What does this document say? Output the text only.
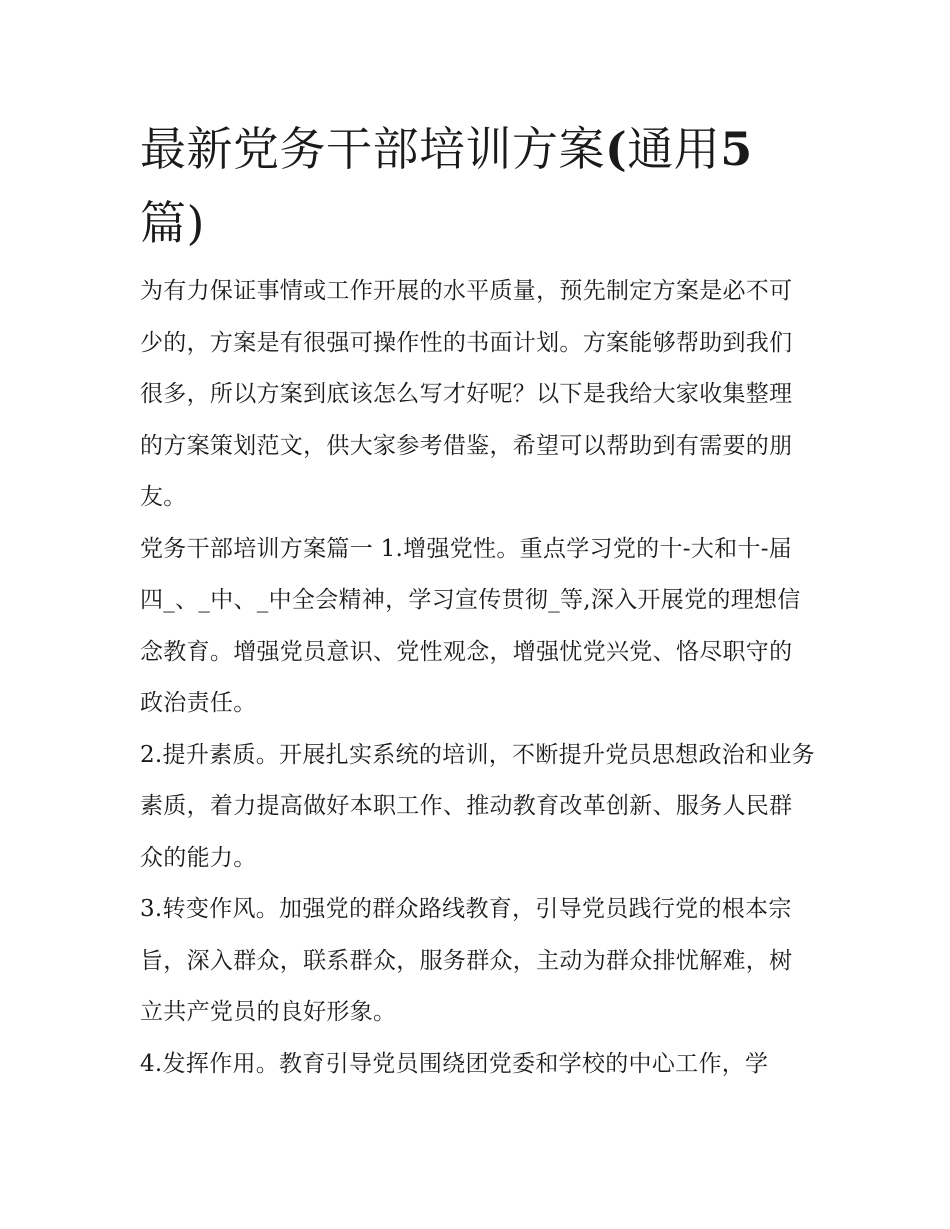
最新党务干部培训方案(通用5
篇)

为有力保证事情或工作开展的水平质量，预先制定方案是必不可少的，方案是有很强可操作性的书面计划。方案能够帮助到我们很多，所以方案到底该怎么写才好呢？以下是我给大家收集整理的方案策划范文，供大家参考借鉴，希望可以帮助到有需要的朋友。

党务干部培训方案篇一 1.增强党性。重点学习党的十-大和十-届四_、_中、_中全会精神，学习宣传贯彻_等,深入开展党的理想信念教育。增强党员意识、党性观念，增强忧党兴党、恪尽职守的政治责任。

2.提升素质。开展扎实系统的培训，不断提升党员思想政治和业务素质，着力提高做好本职工作、推动教育改革创新、服务人民群众的能力。

3.转变作风。加强党的群众路线教育，引导党员践行党的根本宗旨，深入群众，联系群众，服务群众，主动为群众排忧解难，树立共产党员的良好形象。

4.发挥作用。教育引导党员围绕团党委和学校的中心工作，学
